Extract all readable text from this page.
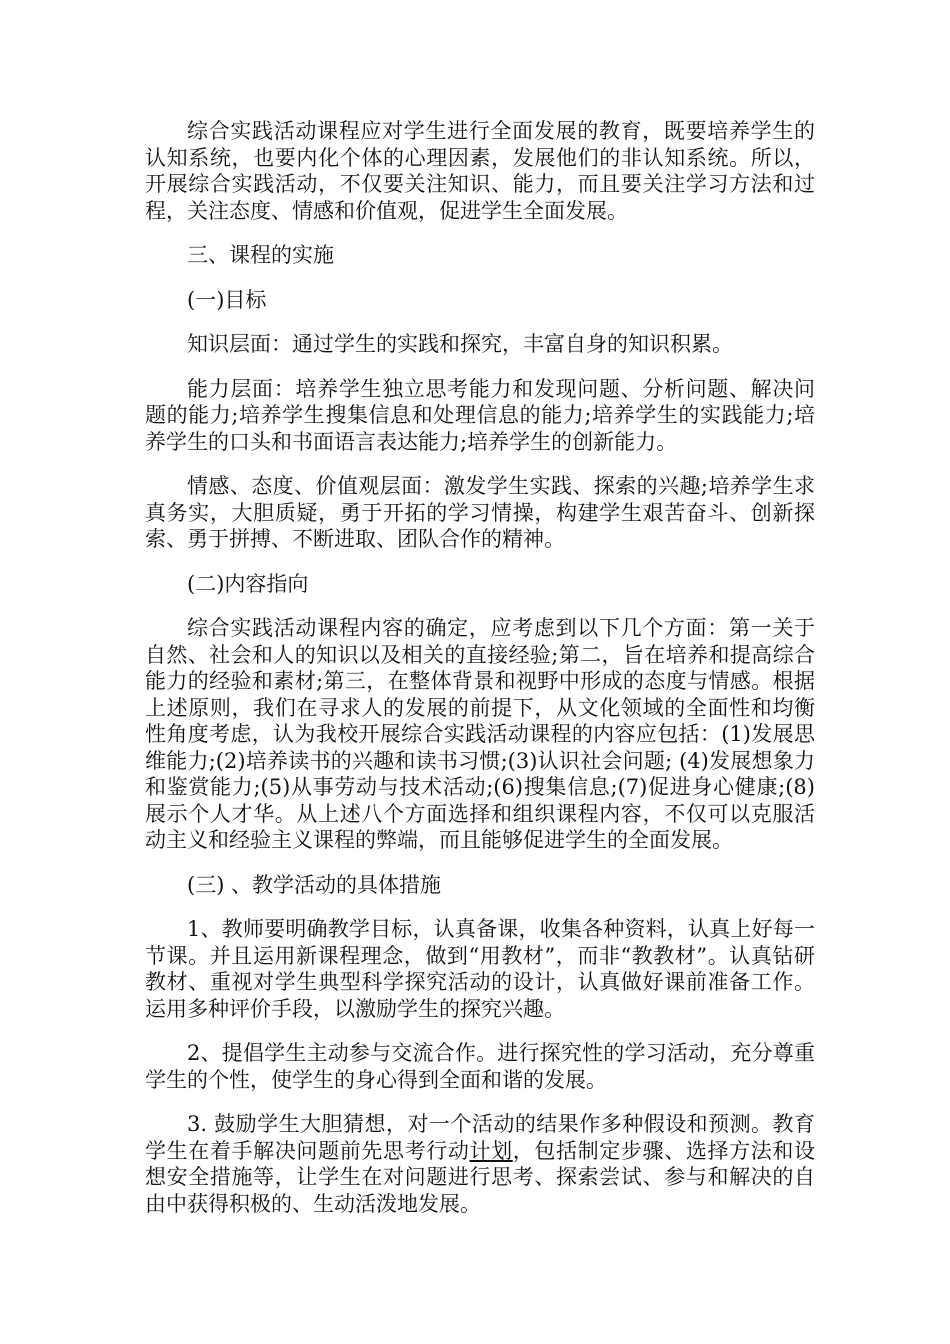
综合实践活动课程应对学生进行全面发展的教育，既要培养学生的认知系统，也要内化个体的心理因素，发展他们的非认知系统。所以，开展综合实践活动，不仅要关注知识、能力，而且要关注学习方法和过程，关注态度、情感和价值观，促进学生全面发展。

三、课程的实施

(一)目标

知识层面：通过学生的实践和探究，丰富自身的知识积累。

能力层面：培养学生独立思考能力和发现问题、分析问题、解决问题的能力;培养学生搜集信息和处理信息的能力;培养学生的实践能力;培养学生的口头和书面语言表达能力;培养学生的创新能力。

情感、态度、价值观层面：激发学生实践、探索的兴趣;培养学生求真务实，大胆质疑，勇于开拓的学习情操，构建学生艰苦奋斗、创新探索、勇于拼搏、不断进取、团队合作的精神。

(二)内容指向

综合实践活动课程内容的确定，应考虑到以下几个方面：第一关于自然、社会和人的知识以及相关的直接经验;第二，旨在培养和提高综合能力的经验和素材;第三，在整体背景和视野中形成的态度与情感。根据上述原则，我们在寻求人的发展的前提下，从文化领域的全面性和均衡性角度考虑，认为我校开展综合实践活动课程的内容应包括：(1)发展思维能力;(2)培养读书的兴趣和读书习惯;(3)认识社会问题; (4)发展想象力和鉴赏能力;(5)从事劳动与技术活动;(6)搜集信息;(7)促进身心健康;(8)展示个人才华。从上述八个方面选择和组织课程内容，不仅可以克服活动主义和经验主义课程的弊端，而且能够促进学生的全面发展。

(三) 、教学活动的具体措施

1、教师要明确教学目标，认真备课，收集各种资料，认真上好每一节课。并且运用新课程理念，做到“用教材”，而非“教教材”。认真钻研教材、重视对学生典型科学探究活动的设计，认真做好课前准备工作。运用多种评价手段，以激励学生的探究兴趣。

2、提倡学生主动参与交流合作。进行探究性的学习活动，充分尊重学生的个性，使学生的身心得到全面和谐的发展。

3. 鼓励学生大胆猜想，对一个活动的结果作多种假设和预测。教育学生在着手解决问题前先思考行动计划，包括制定步骤、选择方法和设想安全措施等，让学生在对问题进行思考、探索尝试、参与和解决的自由中获得积极的、生动活泼地发展。
